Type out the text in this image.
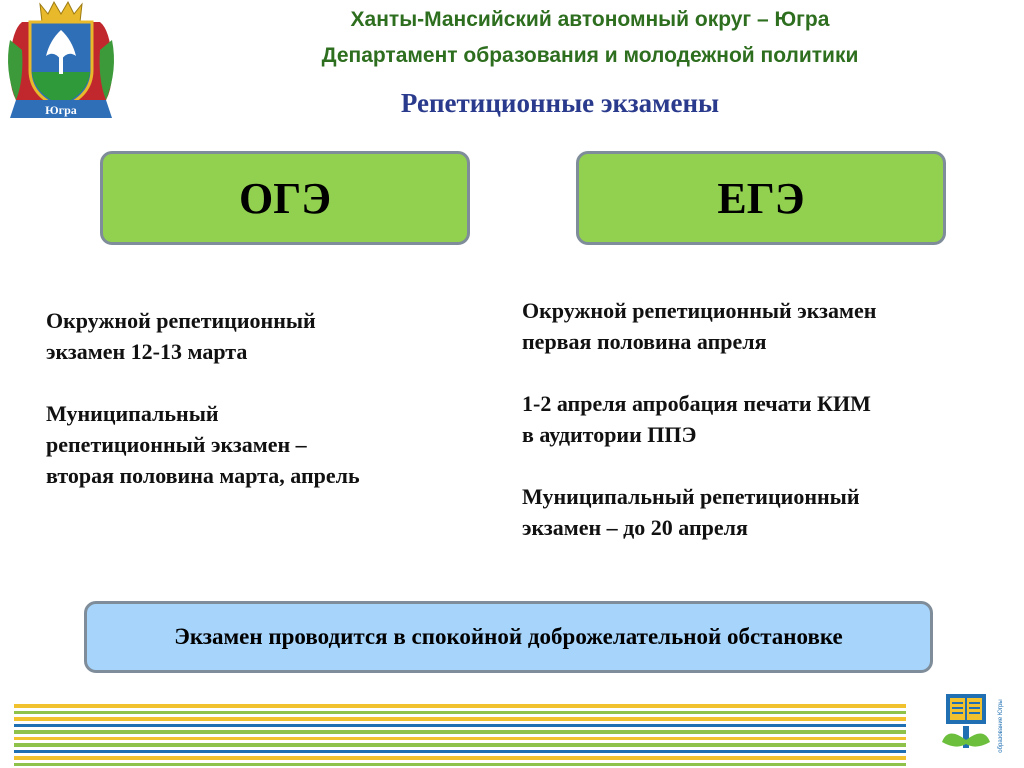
Югра
Ханты-Мансийский автономный округ – Югра
Департамент образования и молодежной политики
Репетиционные экзамены
ОГЭ	ЕГЭ

Окружной репетиционный

экзамен 12-13 марта

Муниципальный

репетиционный экзамен –

вторая половина марта, апрель

Окружной репетиционный экзамен

первая половина апреля

1-2 апреля апробация печати КИМ

в аудитории ППЭ

Муниципальный репетиционный

экзамен – до 20 апреля

Экзамен проводится в спокойной доброжелательной обстановке
образование Югры
